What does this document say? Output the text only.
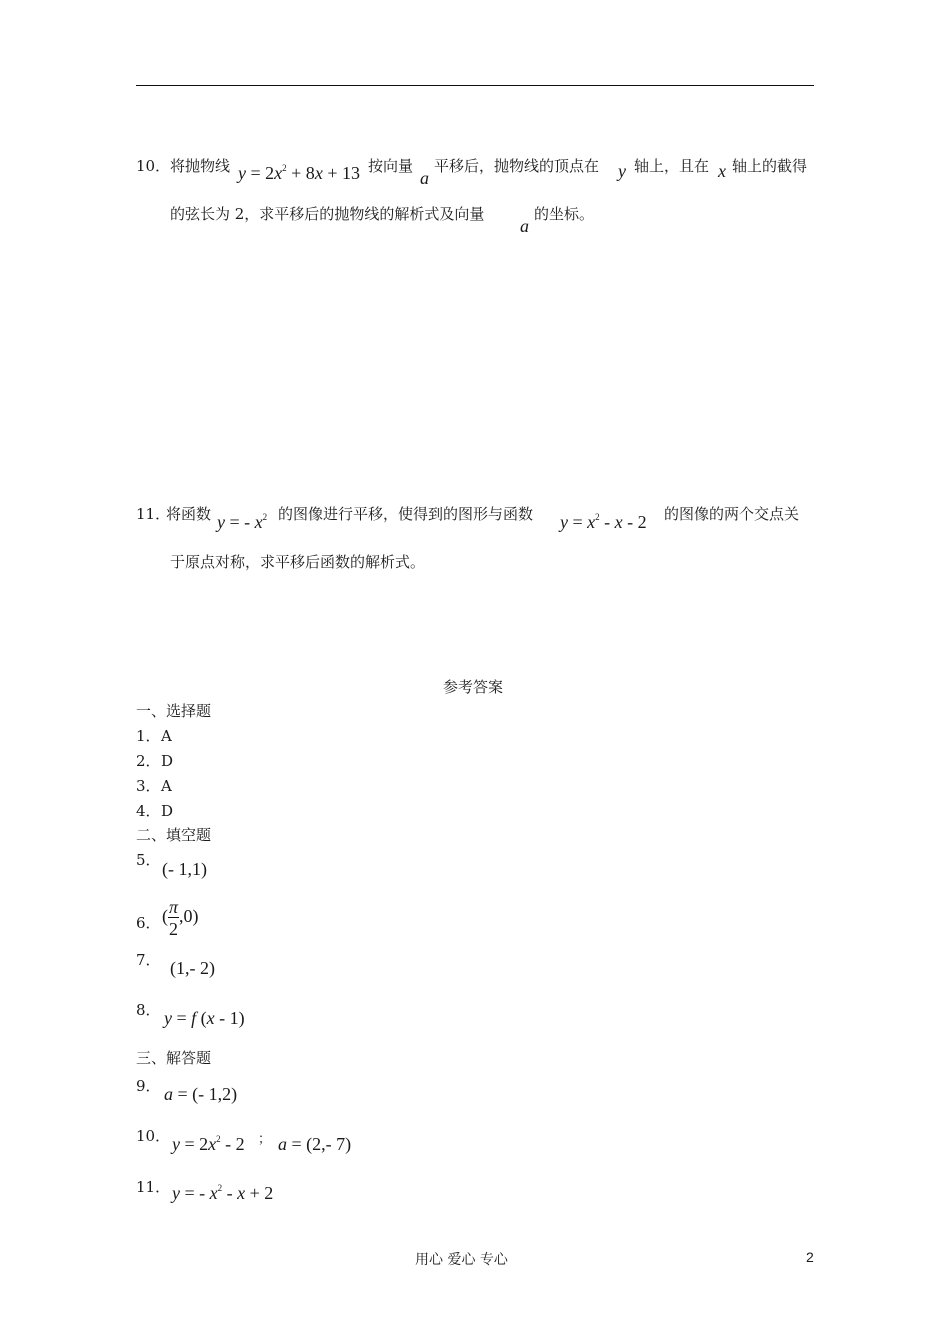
10． 将抛物线 $y = 2x^2 + 8x + 13$ 按向量
a
平移后，抛物线的顶点在 y 轴上，且在 x 轴上的截得
的弦长为 2，求平移后的抛物线的解析式及向量
a
的坐标。
11．
将函数 y = - $x^2$ 的图像进行平移，使得到的图形与函数 $y = x^2 - x - 2$ 的图像的两个交点关
于原点对称，求平移后函数的解析式。
参考答案
一、选择题
1． A
2． D
3． A
4． D
二、填空题
5． (- 1,1)
6． ( $\frac{\pi}{2} ,0$)
7． (1,- 2)
8． y = f (x - 1)
三、解答题
9． a = (- 1,2)
10． $y = 2x^2 - 2$ ； a = (2,- 7)
11． y = - $x^2 - x + 2$
用心 爱心 专心	2
